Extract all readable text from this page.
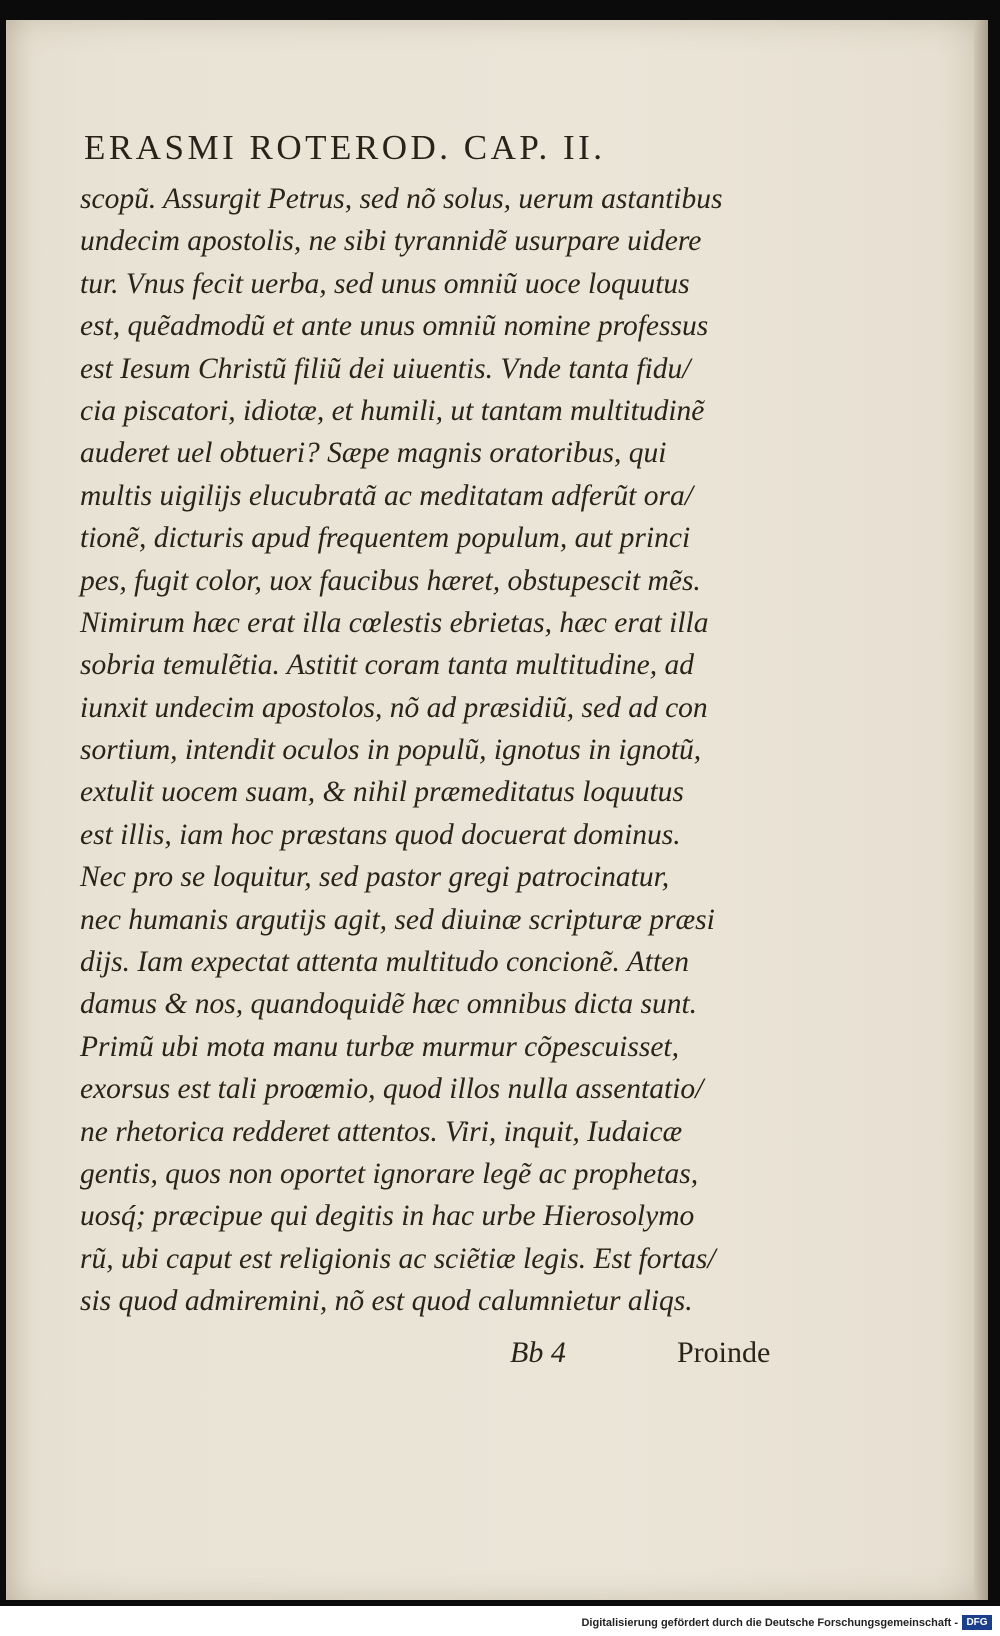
ERASMI ROTEROD. CAP. II.
scopũ. Assurgit Petrus, sed nõ solus, uerum astantibus
undecim apostolis, ne sibi tyrannidẽ usurpare uidere
tur. Vnus fecit uerba, sed unus omniũ uoce loquutus
est, quẽadmodũ et ante unus omniũ nomine professus
est Iesum Christũ filiũ dei uiuentis. Vnde tanta fidu/
cia piscatori, idiotæ, et humili, ut tantam multitudinẽ
auderet uel obtueri? Sæpe magnis oratoribus, qui
multis uigilijs elucubratã ac meditatam adferũt ora/
tionẽ, dicturis apud frequentem populum, aut princi
pes, fugit color, uox faucibus hæret, obstupescit mẽs.
Nimirum hæc erat illa cœlestis ebrietas, hæc erat illa
sobria temulẽtia. Astitit coram tanta multitudine, ad
iunxit undecim apostolos, nõ ad præsidiũ, sed ad con
sortium, intendit oculos in populũ, ignotus in ignotũ,
extulit uocem suam, & nihil præmeditatus loquutus
est illis, iam hoc præstans quod docuerat dominus.
Nec pro se loquitur, sed pastor gregi patrocinatur,
nec humanis argutijs agit, sed diuinæ scripturæ præsi
dijs. Iam expectat attenta multitudo concionẽ. Atten
damus & nos, quandoquidẽ hæc omnibus dicta sunt.
Primũ ubi mota manu turbæ murmur cõpescuisset,
exorsus est tali proœmio, quod illos nulla assentatio/
ne rhetorica redderet attentos. Viri, inquit, Iudaicæ
gentis, quos non oportet ignorare legẽ ac prophetas,
uosq́; præcipue qui degitis in hac urbe Hierosolymo
rũ, ubi caput est religionis ac sciẽtiæ legis. Est fortas/
sis quod admiremini, nõ est quod calumnietur aliqs.
Bb 4	Proinde
Digitalisierung gefördert durch die Deutsche Forschungsgemeinschaft - DFG
